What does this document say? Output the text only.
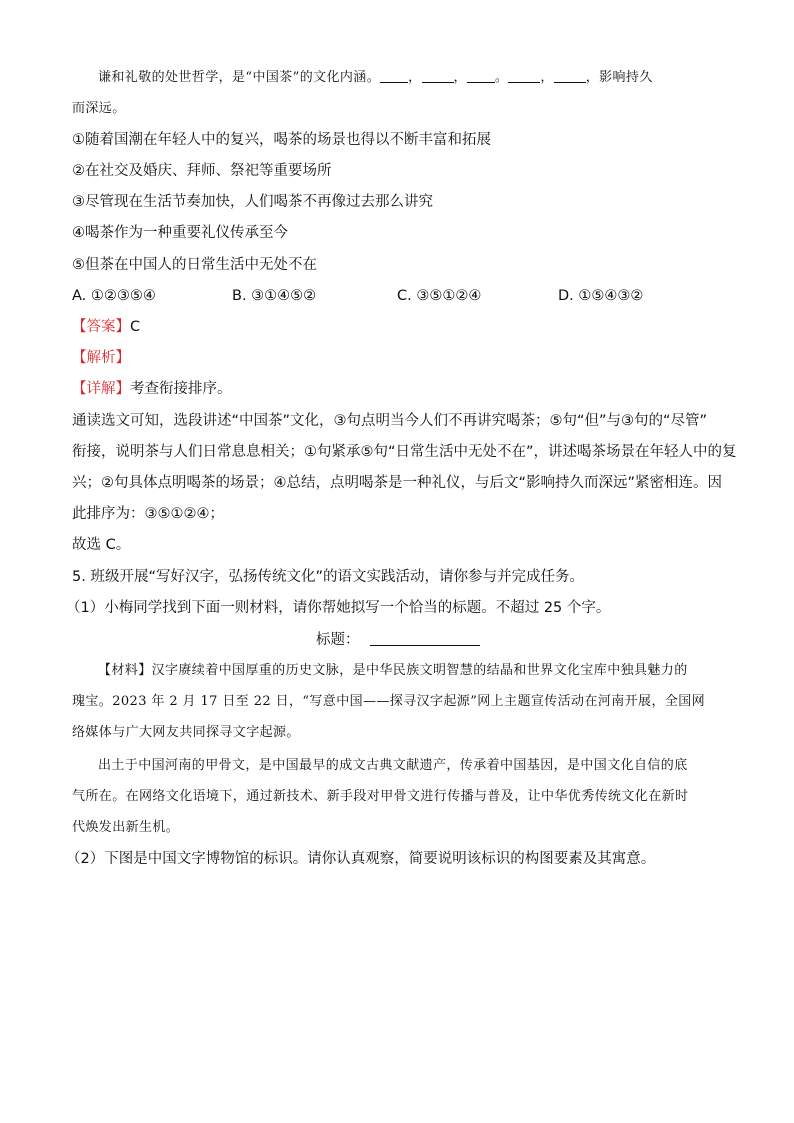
谦和礼敬的处世哲学，是“中国茶”的文化内涵。 ， ， 。 ， ，影响持久
而深远。
①随着国潮在年轻人中的复兴，喝茶的场景也得以不断丰富和拓展
②在社交及婚庆、拜师、祭祀等重要场所
③尽管现在生活节奏加快，人们喝茶不再像过去那么讲究
④喝茶作为一种重要礼仪传承至今
⑤但茶在中国人的日常生活中无处不在
A. ①②③⑤④	B. ③①④⑤②	C. ③⑤①②④	D. ①⑤④③②
【答案】C
【解析】
【详解】考查衔接排序。
通读选文可知，选段讲述“中国茶”文化，③句点明当今人们不再讲究喝茶；⑤句“但”与③句的“尽管”
衔接，说明茶与人们日常息息相关；①句紧承⑤句“日常生活中无处不在”，讲述喝茶场景在年轻人中的复
兴；②句具体点明喝茶的场景；④总结，点明喝茶是一种礼仪，与后文“影响持久而深远”紧密相连。因
此排序为：③⑤①②④；
故选 C。
5. 班级开展“写好汉字，弘扬传统文化”的语文实践活动，请你参与并完成任务。
（1）小梅同学找到下面一则材料，请你帮她拟写一个恰当的标题。不超过 25 个字。
标题：
【材料】汉字赓续着中国厚重的历史文脉，是中华民族文明智慧的结晶和世界文化宝库中独具魅力的
瑰宝。2023 年 2 月 17 日至 22 日，“写意中国——探寻汉字起源”网上主题宣传活动在河南开展，全国网
络媒体与广大网友共同探寻文字起源。
出土于中国河南的甲骨文，是中国最早的成文古典文献遗产，传承着中国基因，是中国文化自信的底
气所在。在网络文化语境下，通过新技术、新手段对甲骨文进行传播与普及，让中华优秀传统文化在新时
代焕发出新生机。
（2）下图是中国文字博物馆的标识。请你认真观察，简要说明该标识的构图要素及其寓意。
